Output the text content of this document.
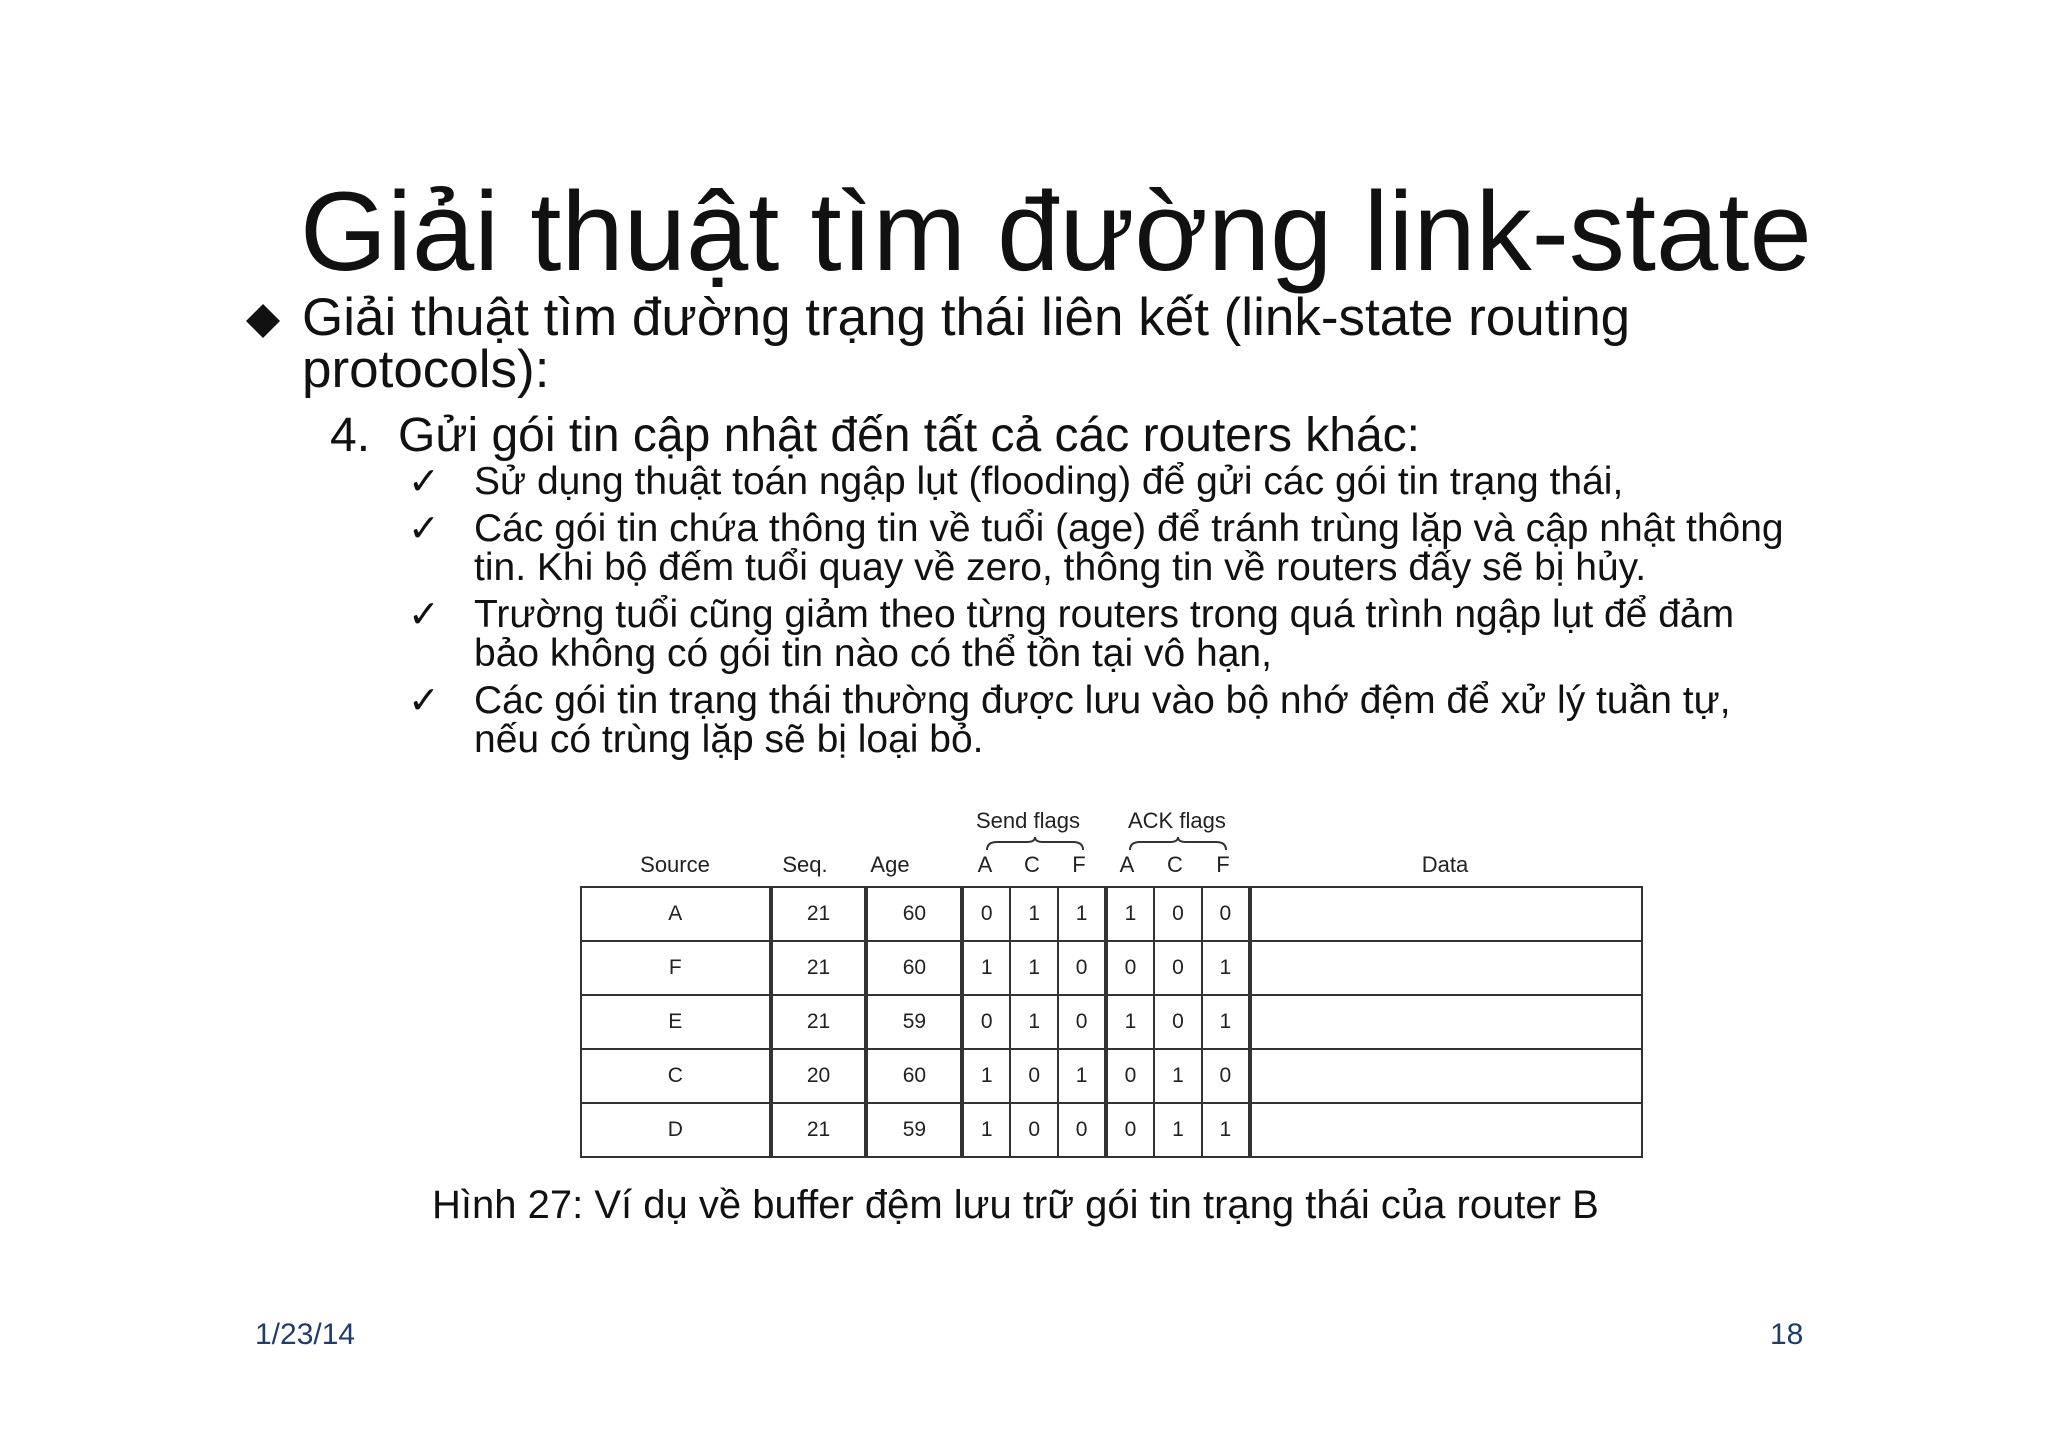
Giải thuật tìm đường link-state
Giải thuật tìm đường trạng thái liên kết (link-state routing protocols):
4. Gửi gói tin cập nhật đến tất cả các routers khác:
✓ Sử dụng thuật toán ngập lụt (flooding) để gửi các gói tin trạng thái,
✓ Các gói tin chứa thông tin về tuổi (age) để tránh trùng lặp và cập nhật thông tin. Khi bộ đếm tuổi quay về zero, thông tin về routers đấy sẽ bị hủy.
✓ Trường tuổi cũng giảm theo từng routers trong quá trình ngập lụt để đảm bảo không có gói tin nào có thể tồn tại vô hạn,
✓ Các gói tin trạng thái thường được lưu vào bộ nhớ đệm để xử lý tuần tự, nếu có trùng lặp sẽ bị loại bỏ.
Send flags ACK flags
Source	Seq.	Age	A	C	F	A	C	F	Data
A	21	60	0	1	1	1	0	0	
F	21	60	1	1	0	0	0	1	
E	21	59	0	1	0	1	0	1	
C	20	60	1	0	1	0	1	0	
D	21	59	1	0	0	0	1	1	
Hình 27: Ví dụ về buffer đệm lưu trữ gói tin trạng thái của router B
1/23/14	18
